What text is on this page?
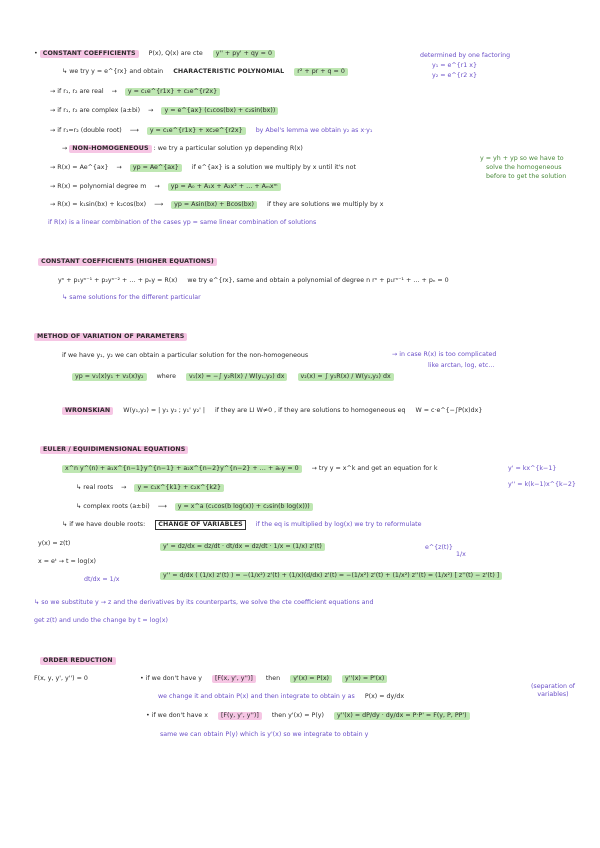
• CONSTANT COEFFICIENTS P(x), Q(x) are cte y'' + py' + qy = 0	determined by one factoring
y₁ = e^{r1 x}
y₂ = e^{r2 x}
↳ we try y = e^{rx} and obtain CHARACTERISTIC POLYNOMIAL r² + pr + q = 0
→ if r₁, r₂ are real → y = c₁e^{r1x} + c₂e^{r2x}
→ if r₁, r₂ are complex (a±bi) → y = e^{ax} (c₁cos(bx) + c₂sin(bx))
→ if r₁=r₂ (double root) ⟶ y = c₁e^{r1x} + xc₂e^{r2x} by Abel's lemma we obtain y₂ as x·y₁
→ NON-HOMOGENEOUS : we try a particular solution yp depending R(x)
→ R(x) = Ae^{ax} → yp = Ae^{ax} if e^{ax} is a solution we multiply by x until it's not
y = yh + yp so we have to
solve the homogeneous
before to get the solution
→ R(x) = polynomial degree m → yp = A₀ + A₁x + A₂x² + … + Aₘxᵐ
→ R(x) = k₁sin(bx) + k₂cos(bx) ⟶ yp = Asin(bx) + Bcos(bx) if they are solutions we multiply by x
if R(x) is a linear combination of the cases yp = same linear combination of solutions
CONSTANT COEFFICIENTS (HIGHER EQUATIONS)
yⁿ + p₁yⁿ⁻¹ + p₂yⁿ⁻² + … + pₙy = R(x) we try e^{rx}, same and obtain a polynomial of degree n rⁿ + p₁rⁿ⁻¹ + … + pₙ = 0
↳ same solutions for the different particular
METHOD OF VARIATION OF PARAMETERS
if we have y₁, y₂ we can obtain a particular solution for the non-homogeneous	→ in case R(x) is too complicated
like arctan, log, etc…
yp = v₁(x)y₁ + v₂(x)y₂ where v₁(x) = −∫ y₂R(x) / W(y₁,y₂) dx	v₂(x) = ∫ y₁R(x) / W(y₁,y₂) dx
WRONSKIAN W(y₁,y₂) = | y₁ y₂ ; y₁' y₂' | if they are LI W≠0 , if they are solutions to homogeneous eq W = c·e^{−∫P(x)dx}
EULER / EQUIDIMENSIONAL EQUATIONS
x^n y^(n) + a₁x^{n−1}y^{n−1} + a₂x^{n−2}y^{n−2} + … + aₙy = 0 → try y = x^k and get an equation for k	y' = kx^{k−1}
y'' = k(k−1)x^{k−2}
↳ real roots → y = c₁x^{k1} + c₂x^{k2}
↳ complex roots (a±bi) ⟶ y = x^a (c₁cos(b log(x)) + c₂sin(b log(x)))
↳ if we have double roots: CHANGE OF VARIABLES if the eq is multiplied by log(x) we try to reformulate
y(x) = z(t)
x = eᵗ → t = log(x)
dt/dx = 1/x
e^{z(t)}
1/x
y' = dz/dx = dz/dt · dt/dx = dz/dt · 1/x = (1/x) z'(t)
y'' = d/dx ( (1/x) z'(t) ) = −(1/x²) z'(t) + (1/x)(d/dx) z'(t) = −(1/x²) z'(t) + (1/x²) z''(t) = (1/x²) [ z''(t) − z'(t) ]
↳ so we substitute y → z and the derivatives by its counterparts, we solve the cte coefficient equations and
get z(t) and undo the change by t = log(x)
ORDER REDUCTION
F(x, y, y', y'') = 0	• if we don't have y [F(x, y', y'')] then y'(x) = P(x)	y''(x) = P'(x)
we change it and obtain P(x) and then integrate to obtain y as P(x) = dy/dx
(separation of variables)
• if we don't have x [F(y, y', y'')] then y'(x) = P(y) y''(x) = dP/dy · dy/dx = P·P' = F(y, P, PP')
same we can obtain P(y) which is y'(x) so we integrate to obtain y
